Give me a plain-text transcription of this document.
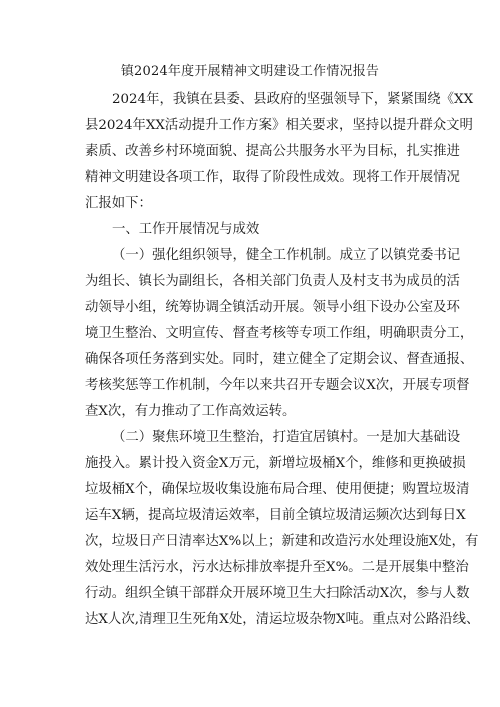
镇2024年度开展精神文明建设工作情况报告
2024年，我镇在县委、县政府的坚强领导下，紧紧围绕《XX
县2024年XX活动提升工作方案》相关要求，坚持以提升群众文明
素质、改善乡村环境面貌、提高公共服务水平为目标，扎实推进
精神文明建设各项工作，取得了阶段性成效。现将工作开展情况
汇报如下：
一、工作开展情况与成效
（一）强化组织领导，健全工作机制。成立了以镇党委书记
为组长、镇长为副组长，各相关部门负责人及村支书为成员的活
动领导小组，统筹协调全镇活动开展。领导小组下设办公室及环
境卫生整治、文明宣传、督查考核等专项工作组，明确职责分工，
确保各项任务落到实处。同时，建立健全了定期会议、督查通报、
考核奖惩等工作机制，今年以来共召开专题会议X次，开展专项督
查X次，有力推动了工作高效运转。
（二）聚焦环境卫生整治，打造宜居镇村。一是加大基础设
施投入。累计投入资金X万元，新增垃圾桶X个，维修和更换破损
垃圾桶X个，确保垃圾收集设施布局合理、使用便捷；购置垃圾清
运车X辆，提高垃圾清运效率，目前全镇垃圾清运频次达到每日X
次，垃圾日产日清率达X%以上；新建和改造污水处理设施X处，有
效处理生活污水，污水达标排放率提升至X%。二是开展集中整治
行动。组织全镇干部群众开展环境卫生大扫除活动X次，参与人数
达X人次,清理卫生死角X处，清运垃圾杂物X吨。重点对公路沿线、
